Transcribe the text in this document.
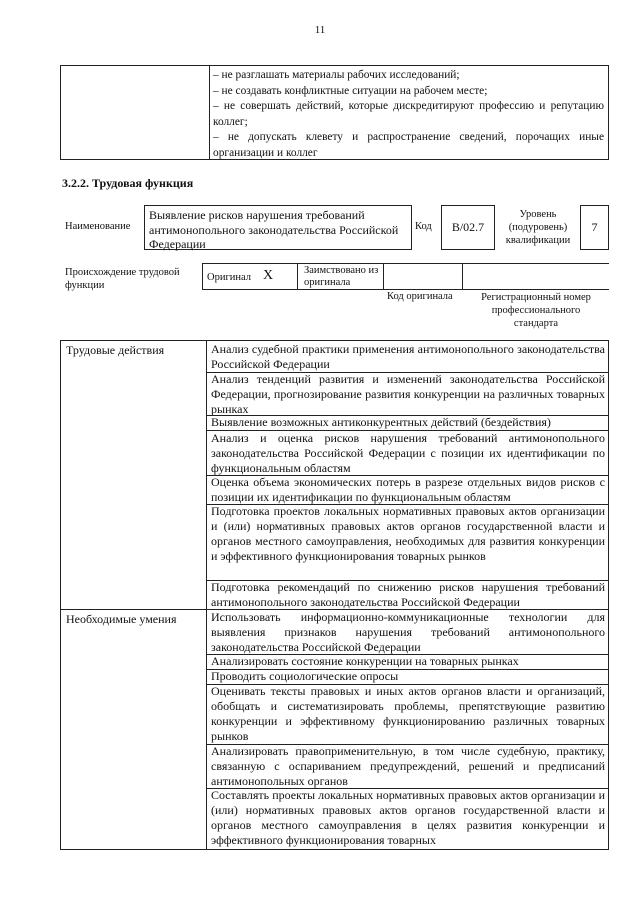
11
– не разглашать материалы рабочих исследований;
– не создавать конфликтные ситуации на рабочем месте;
– не совершать действий, которые дискредитируют профессию и репутацию коллег;
– не допускать клевету и распространение сведений, порочащих иные организации и коллег
3.2.2. Трудовая функция
Наименование
Выявление рисков нарушения требований антимонопольного законодательства Российской Федерации
Код	B/02.7
Уровень (подуровень) квалификации
7
Происхождение трудовой функции
Оригинал X	Заимствовано из оригинала
Код оригинала	Регистрационный номер профессионального стандарта
Трудовые действия	Анализ судебной практики применения антимонопольного законодательства Российской Федерации
Анализ тенденций развития и изменений законодательства Российской Федерации, прогнозирование развития конкуренции на различных товарных рынках
Выявление возможных антиконкурентных действий (бездействия)
Анализ и оценка рисков нарушения требований антимонопольного законодательства Российской Федерации с позиции их идентификации по функциональным областям
Оценка объема экономических потерь в разрезе отдельных видов рисков с позиции их идентификации по функциональным областям
Подготовка проектов локальных нормативных правовых актов организации и (или) нормативных правовых актов органов государственной власти и органов местного самоуправления, необходимых для развития конкуренции и эффективного функционирования товарных рынков
Подготовка рекомендаций по снижению рисков нарушения требований антимонопольного законодательства Российской Федерации
Необходимые умения	Использовать информационно-коммуникационные технологии для выявления признаков нарушения требований антимонопольного законодательства Российской Федерации
Анализировать состояние конкуренции на товарных рынках
Проводить социологические опросы
Оценивать тексты правовых и иных актов органов власти и организаций, обобщать и систематизировать проблемы, препятствующие развитию конкуренции и эффективному функционированию различных товарных рынков
Анализировать правоприменительную, в том числе судебную, практику, связанную с оспариванием предупреждений, решений и предписаний антимонопольных органов
Составлять проекты локальных нормативных правовых актов организации и (или) нормативных правовых актов органов государственной власти и органов местного самоуправления в целях развития конкуренции и эффективного функционирования товарных
